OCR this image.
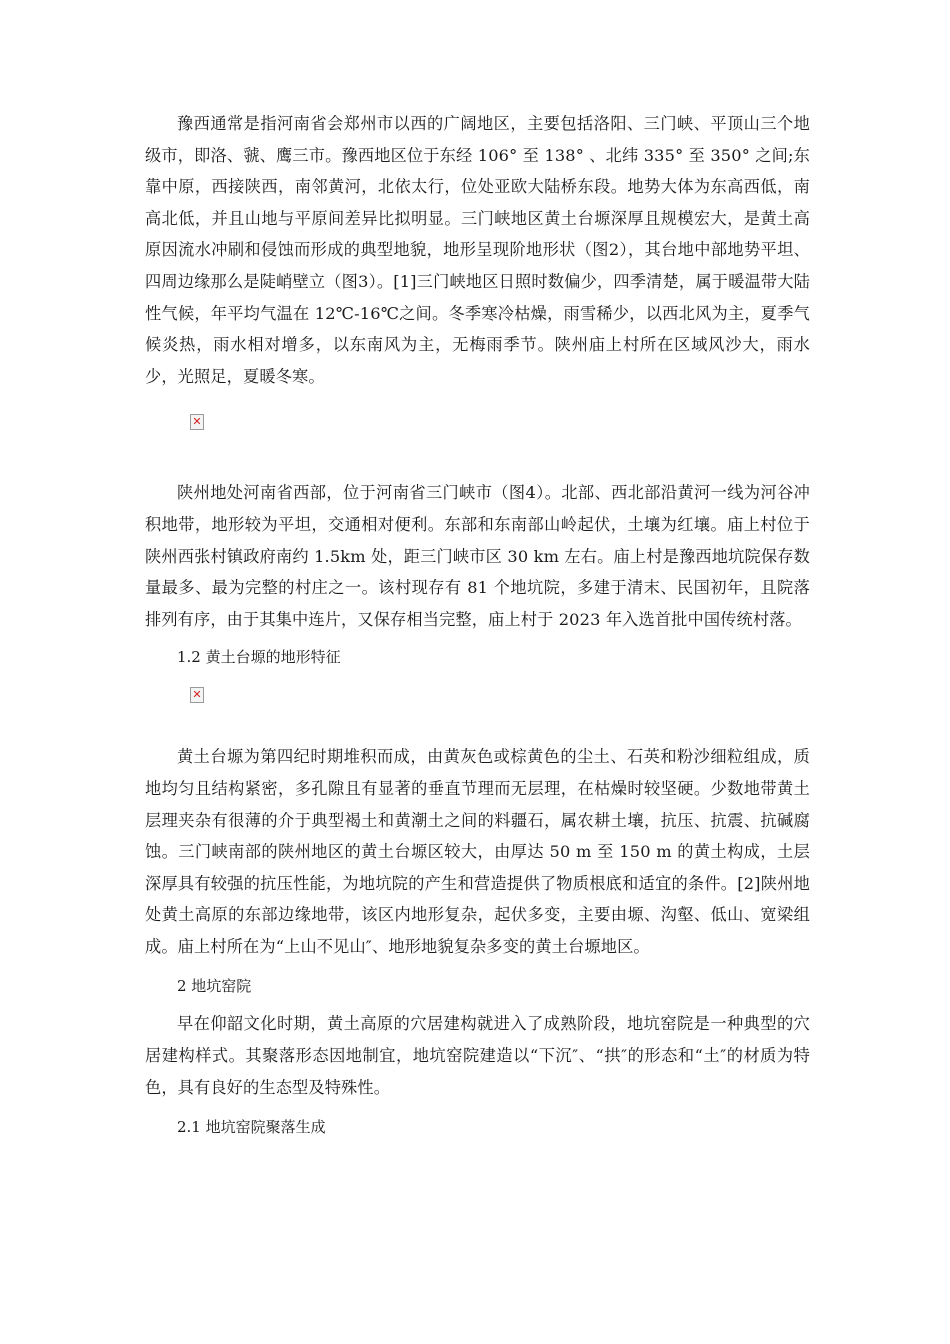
豫西通常是指河南省会郑州市以西的广阔地区，主要包括洛阳、三门峡、平顶山三个地级市，即洛、虢、鹰三市。豫西地区位于东经 106° 至 138° 、北纬 335° 至 350° 之间;东靠中原，西接陕西，南邻黄河，北依太行，位处亚欧大陆桥东段。地势大体为东高西低，南高北低，并且山地与平原间差异比拟明显。三门峡地区黄土台塬深厚且规模宏大，是黄土高原因流水冲刷和侵蚀而形成的典型地貌，地形呈现阶地形状（图2），其台地中部地势平坦、四周边缘那么是陡峭壁立（图3）。[1]三门峡地区日照时数偏少，四季清楚，属于暖温带大陆性气候，年平均气温在 12℃-16℃之间。冬季寒冷枯燥，雨雪稀少，以西北风为主，夏季气候炎热，雨水相对增多，以东南风为主，无梅雨季节。陕州庙上村所在区域风沙大，雨水少，光照足，夏暖冬寒。

✕

陕州地处河南省西部，位于河南省三门峡市（图4）。北部、西北部沿黄河一线为河谷冲积地带，地形较为平坦，交通相对便利。东部和东南部山岭起伏，土壤为红壤。庙上村位于陕州西张村镇政府南约 1.5km 处，距三门峡市区 30 km 左右。庙上村是豫西地坑院保存数量最多、最为完整的村庄之一。该村现存有 81 个地坑院，多建于清末、民国初年，且院落排列有序，由于其集中连片，又保存相当完整，庙上村于 2023 年入选首批中国传统村落。

1.2 黄土台塬的地形特征

✕

黄土台塬为第四纪时期堆积而成，由黄灰色或棕黄色的尘土、石英和粉沙细粒组成，质地均匀且结构紧密，多孔隙且有显著的垂直节理而无层理，在枯燥时较坚硬。少数地带黄土层理夹杂有很薄的介于典型褐土和黄潮土之间的料疆石，属农耕土壤，抗压、抗震、抗碱腐蚀。三门峡南部的陕州地区的黄土台塬区较大，由厚达 50 m 至 150 m 的黄土构成，土层深厚具有较强的抗压性能，为地坑院的产生和营造提供了物质根底和适宜的条件。[2]陕州地处黄土高原的东部边缘地带，该区内地形复杂，起伏多变，主要由塬、沟壑、低山、宽梁组成。庙上村所在为“上山不见山″、地形地貌复杂多变的黄土台塬地区。

2 地坑窑院

早在仰韶文化时期，黄土高原的穴居建构就进入了成熟阶段，地坑窑院是一种典型的穴居建构样式。其聚落形态因地制宜，地坑窑院建造以“下沉″、“拱″的形态和“土″的材质为特色，具有良好的生态型及特殊性。

2.1 地坑窑院聚落生成
